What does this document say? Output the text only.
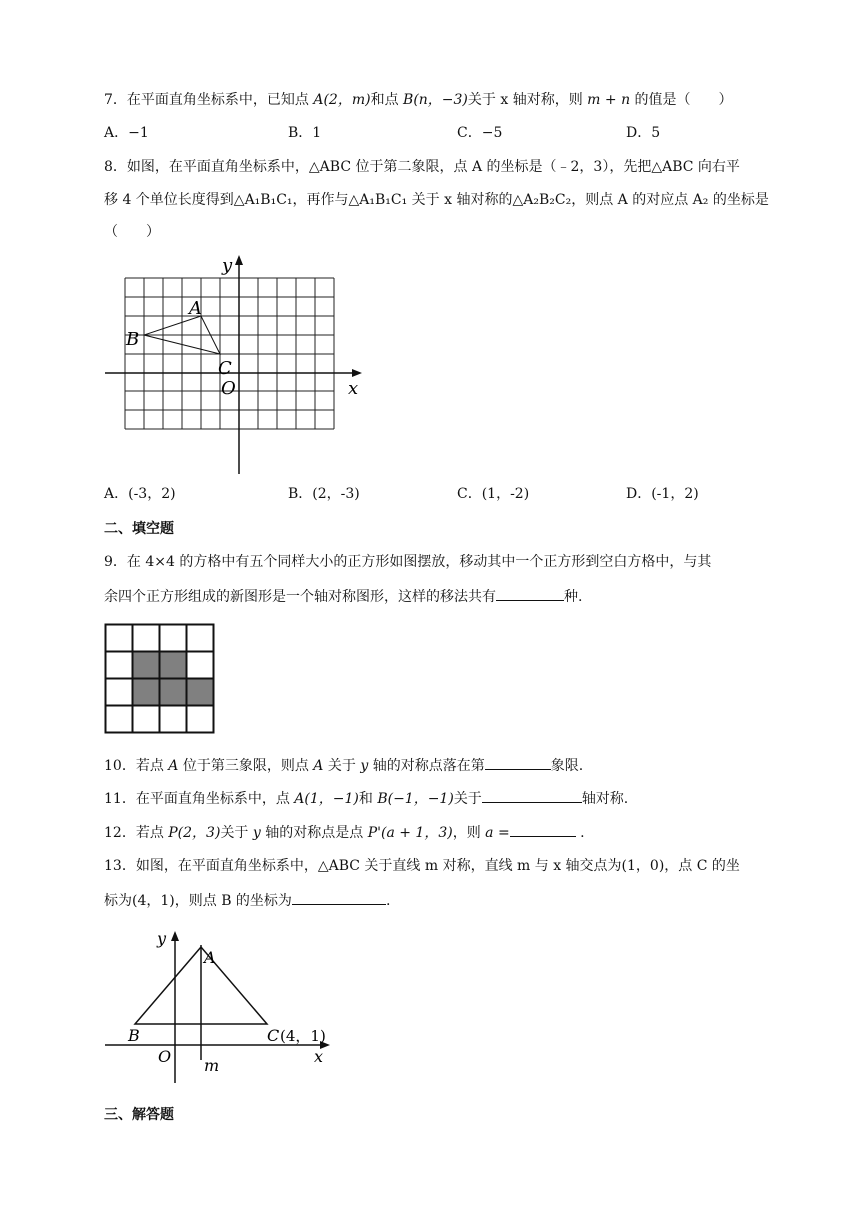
7．在平面直角坐标系中，已知点 A(2，m)和点 B(n，−3)关于 x 轴对称，则 m + n 的值是（　　）
A．−1	B．1	C．−5	D．5
8．如图，在平面直角坐标系中，△ABC 位于第二象限，点 A 的坐标是（﹣2，3），先把△ABC 向右平
移 4 个单位长度得到△A₁B₁C₁，再作与△A₁B₁C₁ 关于 x 轴对称的△A₂B₂C₂，则点 A 的对应点 A₂ 的坐标是
（　　）
A
B
C
O	x
y
A．(-3，2)	B．(2，-3)	C．(1，-2)	D．(-1，2)
二、填空题
9．在 4×4 的方格中有五个同样大小的正方形如图摆放，移动其中一个正方形到空白方格中，与其
余四个正方形组成的新图形是一个轴对称图形，这样的移法共有	种.
10．若点 A 位于第三象限，则点 A 关于 y 轴的对称点落在第	象限.
11．在平面直角坐标系中，点 A(1，−1)和 B(−1，−1)关于	轴对称.
12．若点 P(2，3)关于 y 轴的对称点是点 P'(a + 1，3)，则 a =	.
13．如图，在平面直角坐标系中，△ABC 关于直线 m 对称，直线 m 与 x 轴交点为(1，0)，点 C 的坐
标为(4，1)，则点 B 的坐标为	.
y
A
B	C (4，1)
O m	x
三、解答题
